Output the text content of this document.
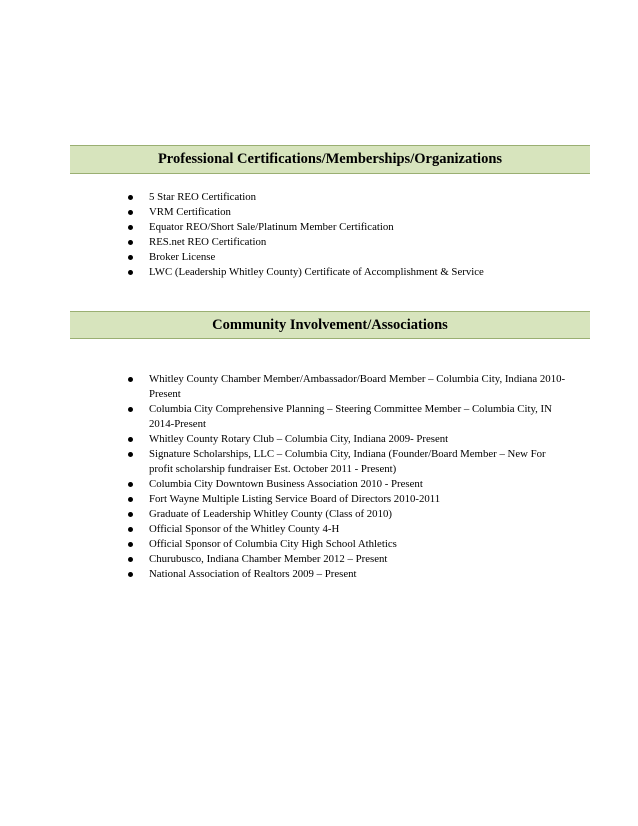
Professional Certifications/Memberships/Organizations
5 Star REO Certification
VRM Certification
Equator REO/Short Sale/Platinum Member Certification
RES.net REO Certification
Broker License
LWC (Leadership Whitley County) Certificate of Accomplishment & Service
Community Involvement/Associations
Whitley County Chamber Member/Ambassador/Board Member – Columbia City, Indiana 2010-Present
Columbia City Comprehensive Planning – Steering Committee Member – Columbia City, IN 2014-Present
Whitley County Rotary Club – Columbia City, Indiana 2009- Present
Signature Scholarships, LLC – Columbia City, Indiana (Founder/Board Member – New For profit scholarship fundraiser Est. October 2011 - Present)
Columbia City Downtown Business Association 2010 - Present
Fort Wayne Multiple Listing Service Board of Directors 2010-2011
Graduate of Leadership Whitley County (Class of 2010)
Official Sponsor of the Whitley County 4-H
Official Sponsor of Columbia City High School Athletics
Churubusco, Indiana Chamber Member 2012 – Present
National Association of Realtors 2009 – Present
